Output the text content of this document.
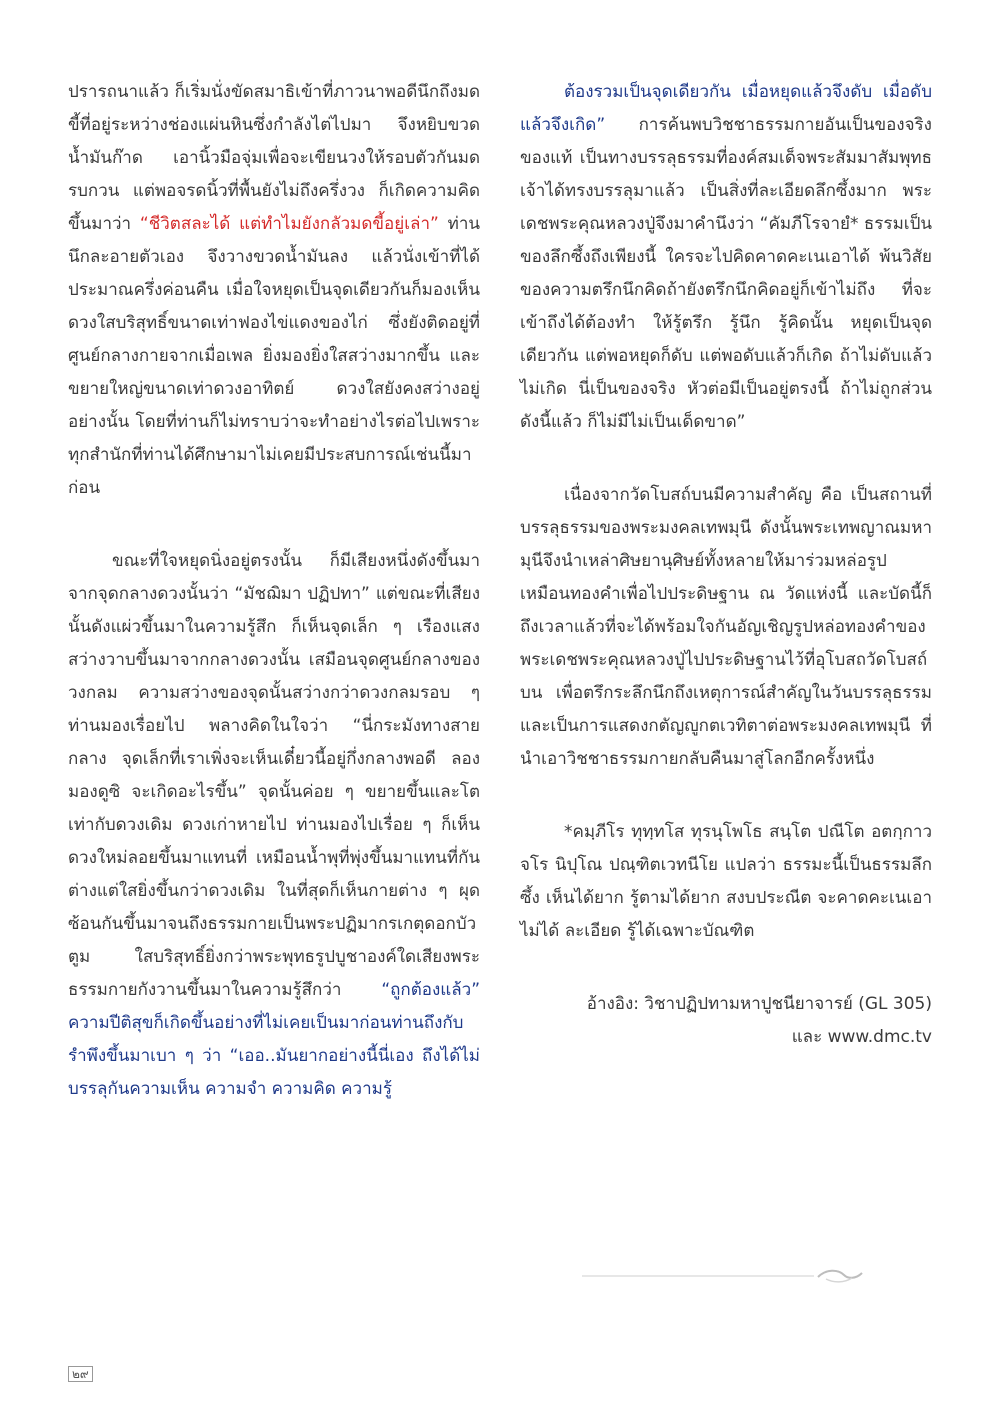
ปรารถนาแล้ว ก็เริ่มนั่งขัดสมาธิเข้าที่ภาวนาพอดีนึกถึงมดขี้ที่อยู่ระหว่างช่องแผ่นหินซึ่งกำลังไต่ไปมา จึงหยิบขวดน้ำมันก๊าด เอานิ้วมือจุ่มเพื่อจะเขียนวงให้รอบตัวกันมดรบกวน แต่พอจรดนิ้วที่พื้นยังไม่ถึงครึ่งวง ก็เกิดความคิดขึ้นมาว่า “ชีวิตสละได้ แต่ทำไมยังกลัวมดขี้อยู่เล่า” ท่านนึกละอายตัวเอง จึงวางขวดน้ำมันลง แล้วนั่งเข้าที่ได้ประมาณครึ่งค่อนคืน เมื่อใจหยุดเป็นจุดเดียวกันก็มองเห็นดวงใสบริสุทธิ์ขนาดเท่าฟองไข่แดงของไก่ ซึ่งยังติดอยู่ที่ศูนย์กลางกายจากเมื่อเพล ยิ่งมองยิ่งใสสว่างมากขึ้น และขยายใหญ่ขนาดเท่าดวงอาทิตย์ ดวงใสยังคงสว่างอยู่อย่างนั้น โดยที่ท่านก็ไม่ทราบว่าจะทำอย่างไรต่อไปเพราะทุกสำนักที่ท่านได้ศึกษามาไม่เคยมีประสบการณ์เช่นนี้มาก่อน

ขณะที่ใจหยุดนิ่งอยู่ตรงนั้น ก็มีเสียงหนึ่งดังขึ้นมาจากจุดกลางดวงนั้นว่า “มัชฌิมา ปฏิปทา” แต่ขณะที่เสียงนั้นดังแผ่วขึ้นมาในความรู้สึก ก็เห็นจุดเล็ก ๆ เรืองแสง สว่างวาบขึ้นมาจากกลางดวงนั้น เสมือนจุดศูนย์กลางของวงกลม ความสว่างของจุดนั้นสว่างกว่าดวงกลมรอบ ๆ ท่านมองเรื่อยไป พลางคิดในใจว่า “นี่กระมังทางสายกลาง จุดเล็กที่เราเพิ่งจะเห็นเดี๋ยวนี้อยู่กึ่งกลางพอดี ลองมองดูซิ จะเกิดอะไรขึ้น” จุดนั้นค่อย ๆ ขยายขึ้นและโตเท่ากับดวงเดิม ดวงเก่าหายไป ท่านมองไปเรื่อย ๆ ก็เห็นดวงใหม่ลอยขึ้นมาแทนที่ เหมือนน้ำพุที่พุ่งขึ้นมาแทนที่กัน ต่างแต่ใสยิ่งขึ้นกว่าดวงเดิม ในที่สุดก็เห็นกายต่าง ๆ ผุดซ้อนกันขึ้นมาจนถึงธรรมกายเป็นพระปฏิมากรเกตุดอกบัวตูม ใสบริสุทธิ์ยิ่งกว่าพระพุทธรูปบูชาองค์ใดเสียงพระธรรมกายกังวานขึ้นมาในความรู้สึกว่า “ถูกต้องแล้ว” ความปีติสุขก็เกิดขึ้นอย่างที่ไม่เคยเป็นมาก่อนท่านถึงกับรำพึงขึ้นมาเบา ๆ ว่า “เออ..มันยากอย่างนี้นี่เอง ถึงได้ไม่บรรลุกันความเห็น ความจำ ความคิด ความรู้

ต้องรวมเป็นจุดเดียวกัน เมื่อหยุดแล้วจึงดับ เมื่อดับแล้วจึงเกิด” การค้นพบวิชชาธรรมกายอันเป็นของจริงของแท้ เป็นทางบรรลุธรรมที่องค์สมเด็จพระสัมมาสัมพุทธเจ้าได้ทรงบรรลุมาแล้ว เป็นสิ่งที่ละเอียดลึกซึ้งมาก พระเดชพระคุณหลวงปู่จึงมาคำนึงว่า “คัมภีโรจายํ* ธรรมเป็นของลึกซึ้งถึงเพียงนี้ ใครจะไปคิดคาดคะเนเอาได้ พ้นวิสัยของความตรึกนึกคิดถ้ายังตรึกนึกคิดอยู่ก็เข้าไม่ถึง ที่จะเข้าถึงได้ต้องทำ ให้รู้ตรึก รู้นึก รู้คิดนั้น หยุดเป็นจุดเดียวกัน แต่พอหยุดก็ดับ แต่พอดับแล้วก็เกิด ถ้าไม่ดับแล้วไม่เกิด นี่เป็นของจริง หัวต่อมีเป็นอยู่ตรงนี้ ถ้าไม่ถูกส่วนดังนี้แล้ว ก็ไม่มีไม่เป็นเด็ดขาด”

เนื่องจากวัดโบสถ์บนมีความสำคัญ คือ เป็นสถานที่บรรลุธรรมของพระมงคลเทพมุนี ดังนั้นพระเทพญาณมหามุนีจึงนำเหล่าศิษยานุศิษย์ทั้งหลายให้มาร่วมหล่อรูปเหมือนทองคำเพื่อไปประดิษฐาน ณ วัดแห่งนี้ และบัดนี้ก็ถึงเวลาแล้วที่จะได้พร้อมใจกันอัญเชิญรูปหล่อทองคำของพระเดชพระคุณหลวงปู่ไปประดิษฐานไว้ที่อุโบสถวัดโบสถ์บน เพื่อตรึกระลึกนึกถึงเหตุการณ์สำคัญในวันบรรลุธรรม และเป็นการแสดงกตัญญูกตเวทิตาต่อพระมงคลเทพมุนี ที่นำเอาวิชชาธรรมกายกลับคืนมาสู่โลกอีกครั้งหนึ่ง

*คมฺภีโร ทุทฺทโส ทุรนุโพโธ สนฺโต ปณีโต อตกฺกาวจโร นิปุโณ ปณฺฑิตเวทนีโย แปลว่า ธรรมะนี้เป็นธรรมลึกซึ้ง เห็นได้ยาก รู้ตามได้ยาก สงบประณีต จะคาดคะเนเอาไม่ได้ ละเอียด รู้ได้เฉพาะบัณฑิต

อ้างอิง: วิชาปฏิปทามหาปูชนียาจารย์ (GL 305)
และ www.dmc.tv

๒๙
